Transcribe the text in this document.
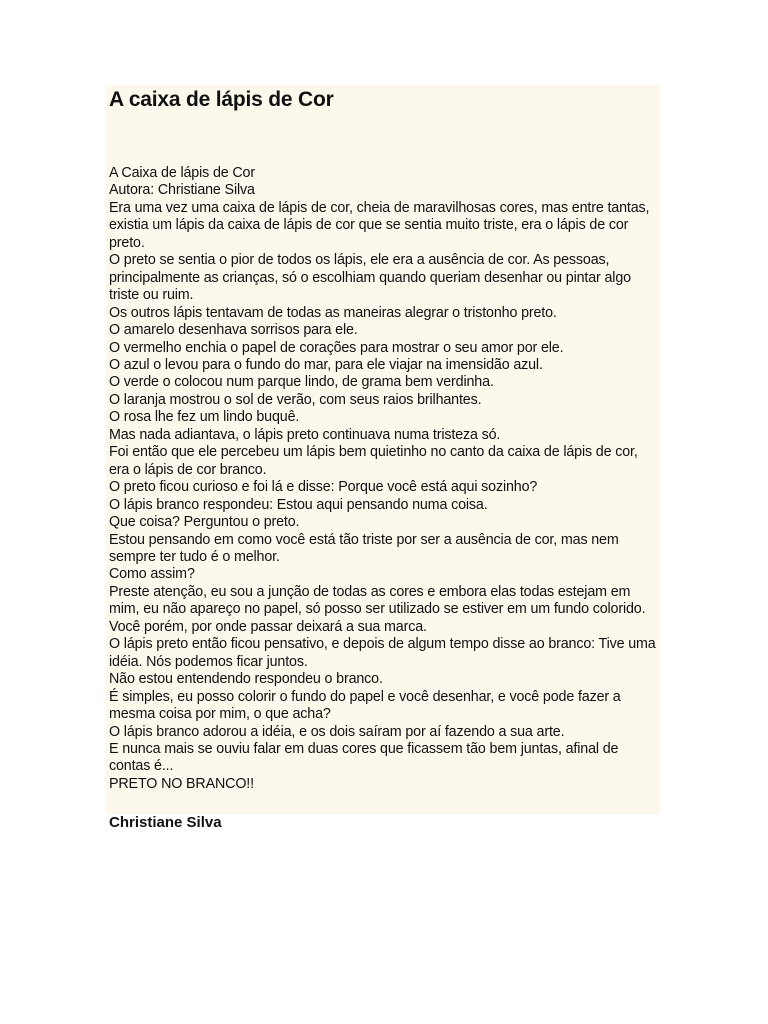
A caixa de lápis de Cor

A Caixa de lápis de Cor

Autora: Christiane Silva

Era uma vez uma caixa de lápis de cor, cheia de maravilhosas cores, mas entre tantas, existia um lápis da caixa de lápis de cor que se sentia muito triste, era o lápis de cor preto.

O preto se sentia o pior de todos os lápis, ele era a ausência de cor. As pessoas, principalmente as crianças, só o escolhiam quando queriam desenhar ou pintar algo triste ou ruim.

Os outros lápis tentavam de todas as maneiras alegrar o tristonho preto.

O amarelo desenhava sorrisos para ele.

O vermelho enchia o papel de corações para mostrar o seu amor por ele.

O azul o levou para o fundo do mar, para ele viajar na imensidão azul.

O verde o colocou num parque lindo, de grama bem verdinha.

O laranja mostrou o sol de verão, com seus raios brilhantes.

O rosa lhe fez um lindo buquê.

Mas nada adiantava, o lápis preto continuava numa tristeza só.

Foi então que ele percebeu um lápis bem quietinho no canto da caixa de lápis de cor, era o lápis de cor branco.

O preto ficou curioso e foi lá e disse: Porque você está aqui sozinho?

O lápis branco respondeu: Estou aqui pensando numa coisa.

Que coisa? Perguntou o preto.

Estou pensando em como você está tão triste por ser a ausência de cor, mas nem sempre ter tudo é o melhor.

Como assim?

Preste atenção, eu sou a junção de todas as cores e embora elas todas estejam em mim, eu não apareço no papel, só posso ser utilizado se estiver em um fundo colorido. Você porém, por onde passar deixará a sua marca.

O lápis preto então ficou pensativo, e depois de algum tempo disse ao branco: Tive uma idéia. Nós podemos ficar juntos.

Não estou entendendo respondeu o branco.

É simples, eu posso colorir o fundo do papel e você desenhar, e você pode fazer a mesma coisa por mim, o que acha?

O lápis branco adorou a idéia, e os dois saíram por aí fazendo a sua arte.

E nunca mais se ouviu falar em duas cores que ficassem tão bem juntas, afinal de contas é...

PRETO NO BRANCO!!

Christiane Silva
